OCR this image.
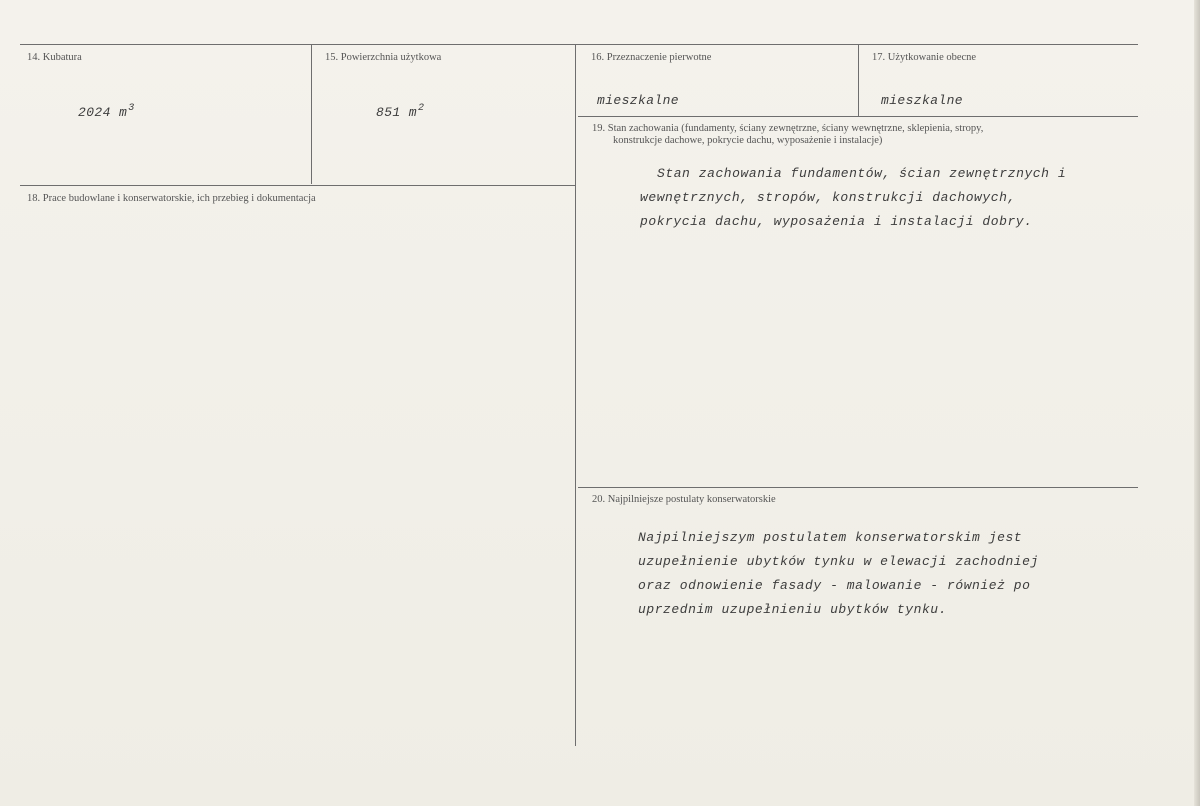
14. Kubatura
2024 $m^3$
15. Powierzchnia użytkowa
851 $m^2$
16. Przeznaczenie pierwotne
mieszkalne
17. Użytkowanie obecne
mieszkalne
18. Prace budowlane i konserwatorskie, ich przebieg i dokumentacja
19. Stan zachowania (fundamenty, ściany zewnętrzne, ściany wewnętrzne, sklepienia, stropy,
konstrukcje dachowe, pokrycie dachu, wyposażenie i instalacje)
Stan zachowania fundamentów, ścian zewnętrznych i
wewnętrznych, stropów, konstrukcji dachowych,
pokrycia dachu, wyposażenia i instalacji dobry.
20. Najpilniejsze postulaty konserwatorskie
Najpilniejszym postulatem konserwatorskim jest
uzupełnienie ubytków tynku w elewacji zachodniej
oraz odnowienie fasady - malowanie - również po
uprzednim uzupełnieniu ubytków tynku.
